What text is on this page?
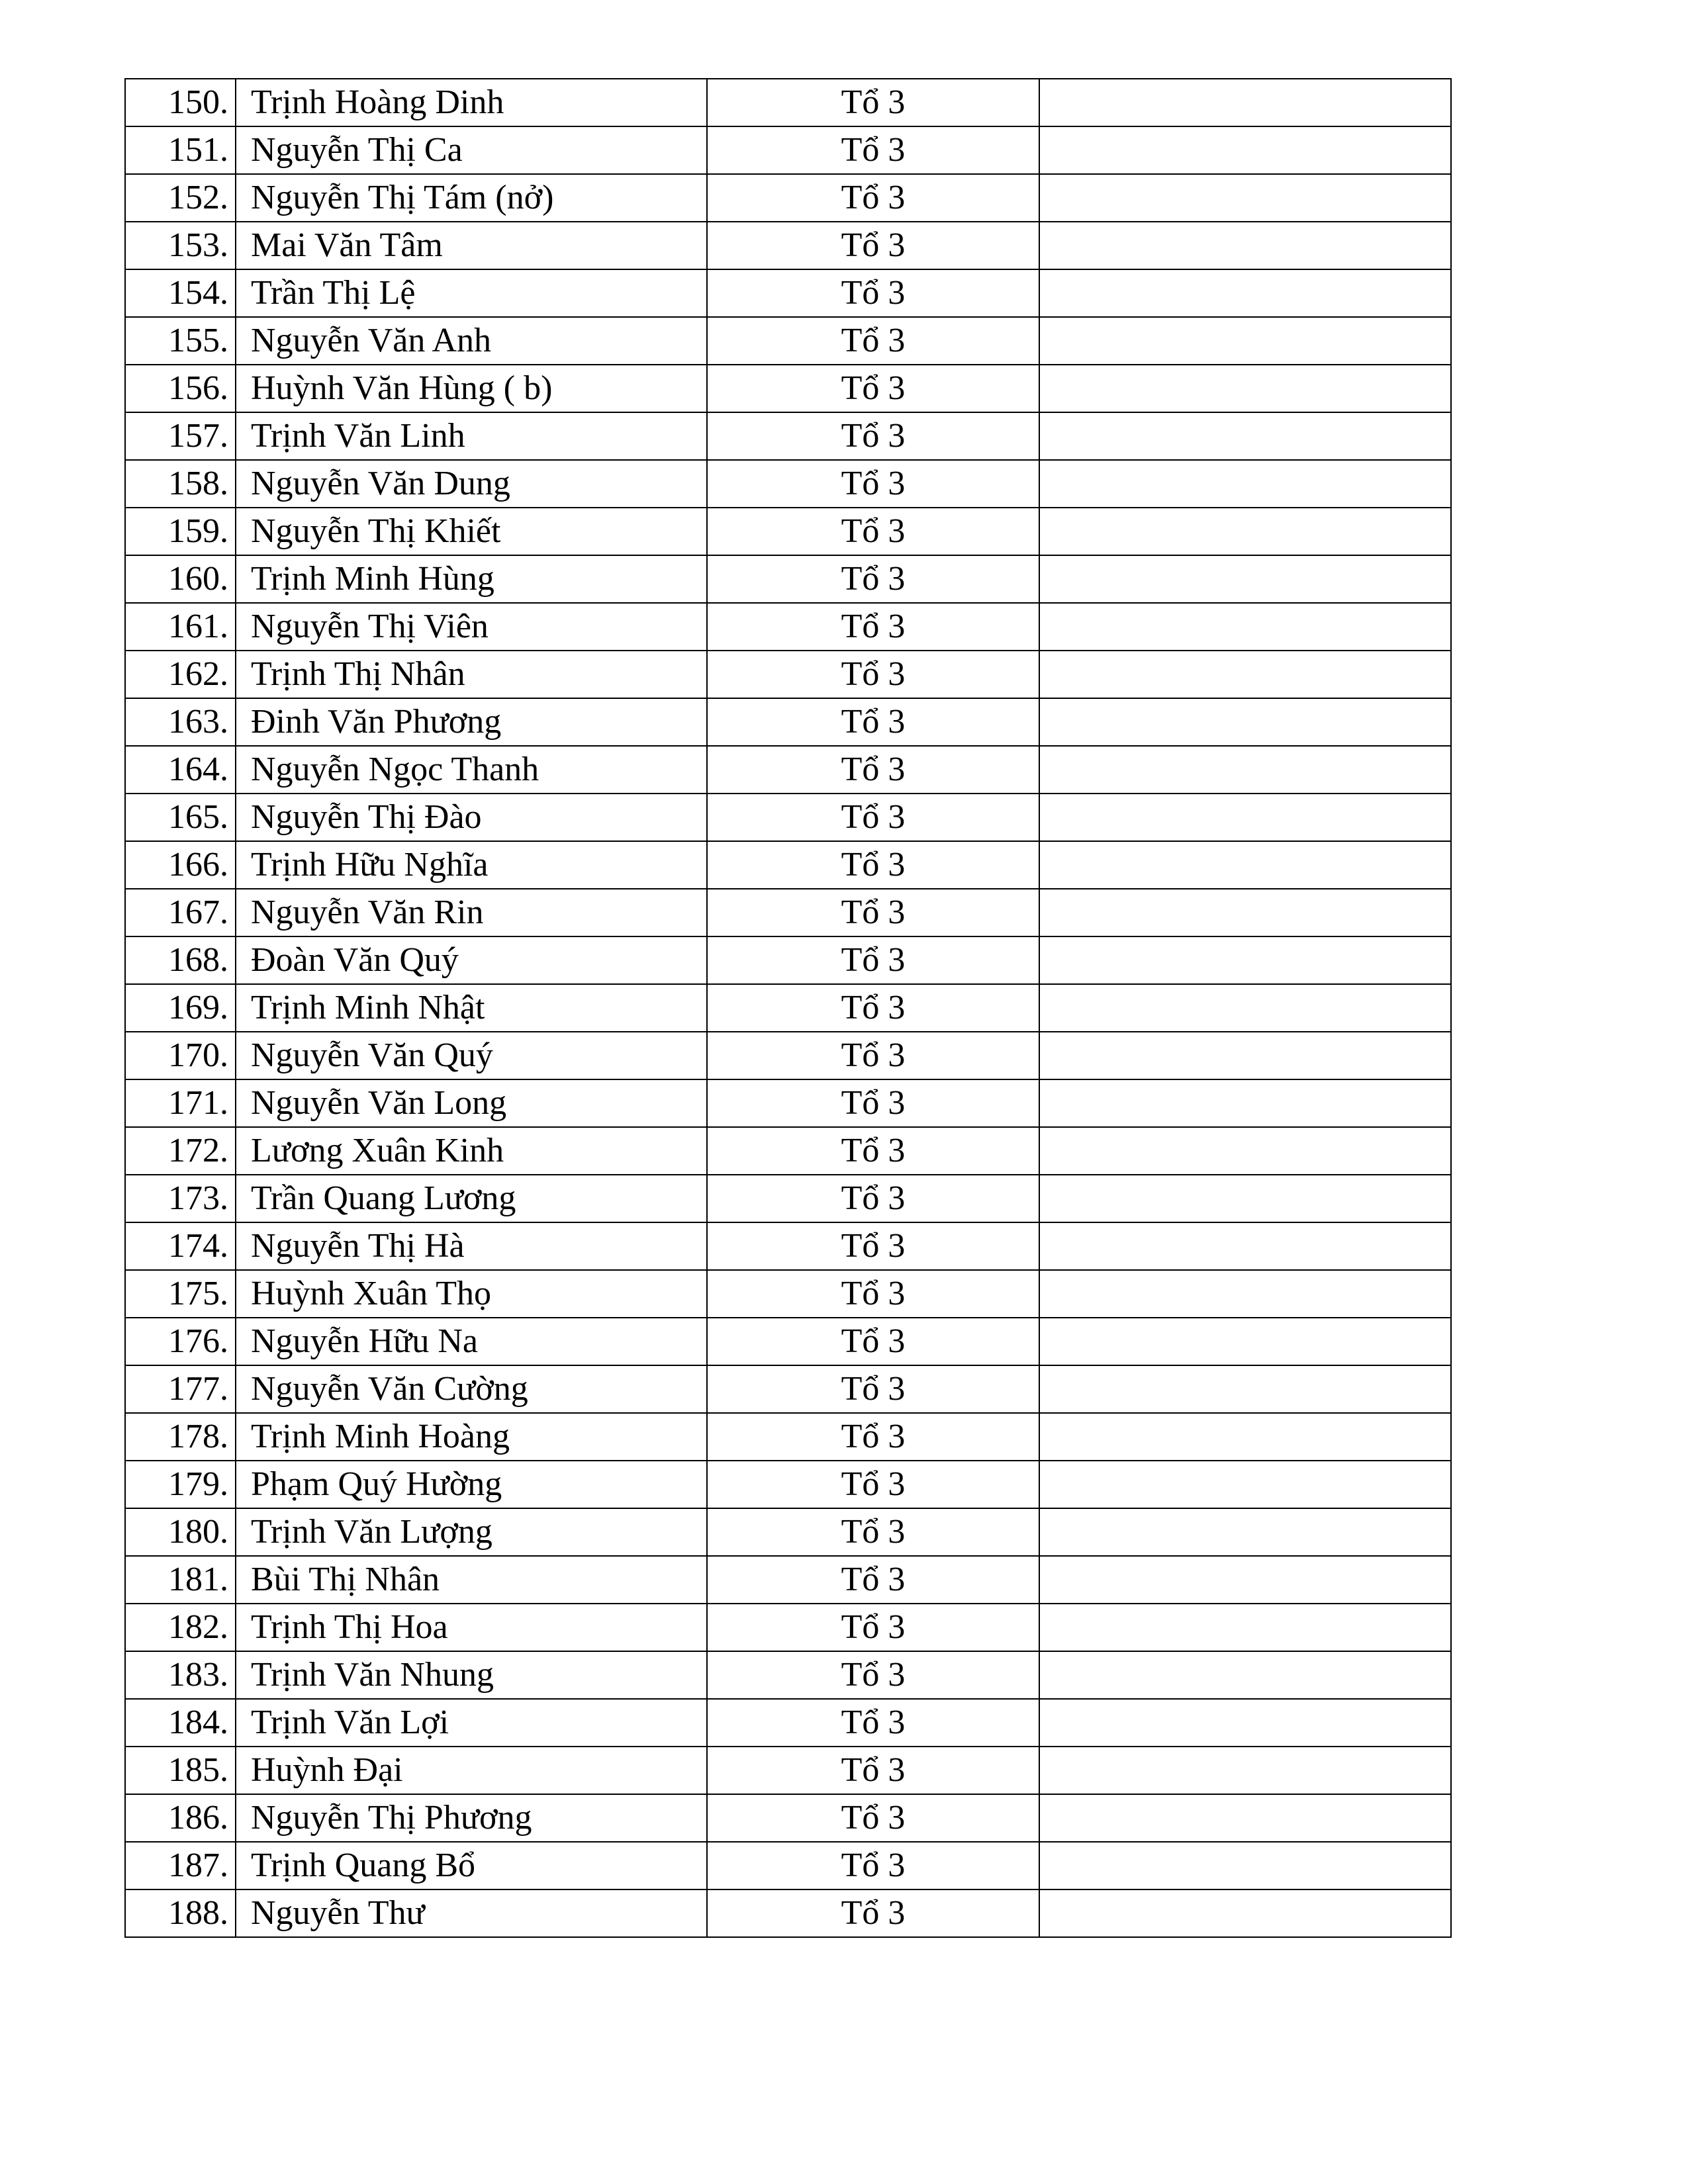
150.	Trịnh Hoàng Dinh	Tổ 3	
151.	Nguyễn Thị Ca	Tổ 3	
152.	Nguyễn Thị Tám (nở)	Tổ 3	
153.	Mai Văn Tâm	Tổ 3	
154.	Trần Thị Lệ	Tổ 3	
155.	Nguyễn Văn Anh	Tổ 3	
156.	Huỳnh Văn Hùng ( b)	Tổ 3	
157.	Trịnh Văn Linh	Tổ 3	
158.	Nguyễn Văn Dung	Tổ 3	
159.	Nguyễn Thị Khiết	Tổ 3	
160.	Trịnh Minh Hùng	Tổ 3	
161.	Nguyễn Thị Viên	Tổ 3	
162.	Trịnh Thị Nhân	Tổ 3	
163.	Đinh Văn Phương	Tổ 3	
164.	Nguyễn Ngọc Thanh	Tổ 3	
165.	Nguyễn Thị Đào	Tổ 3	
166.	Trịnh Hữu Nghĩa	Tổ 3	
167.	Nguyễn Văn Rin	Tổ 3	
168.	Đoàn Văn Quý	Tổ 3	
169.	Trịnh Minh Nhật	Tổ 3	
170.	Nguyễn Văn Quý	Tổ 3	
171.	Nguyễn Văn Long	Tổ 3	
172.	Lương Xuân Kinh	Tổ 3	
173.	Trần Quang Lương	Tổ 3	
174.	Nguyễn Thị Hà	Tổ 3	
175.	Huỳnh Xuân Thọ	Tổ 3	
176.	Nguyễn Hữu Na	Tổ 3	
177.	Nguyễn Văn Cường	Tổ 3	
178.	Trịnh Minh Hoàng	Tổ 3	
179.	Phạm Quý Hường	Tổ 3	
180.	Trịnh Văn Lượng	Tổ 3	
181.	Bùi Thị Nhân	Tổ 3	
182.	Trịnh Thị Hoa	Tổ 3	
183.	Trịnh Văn Nhung	Tổ 3	
184.	Trịnh Văn Lợi	Tổ 3	
185.	Huỳnh Đại	Tổ 3	
186.	Nguyễn Thị Phương	Tổ 3	
187.	Trịnh Quang Bổ	Tổ 3	
188.	Nguyễn Thư	Tổ 3	
